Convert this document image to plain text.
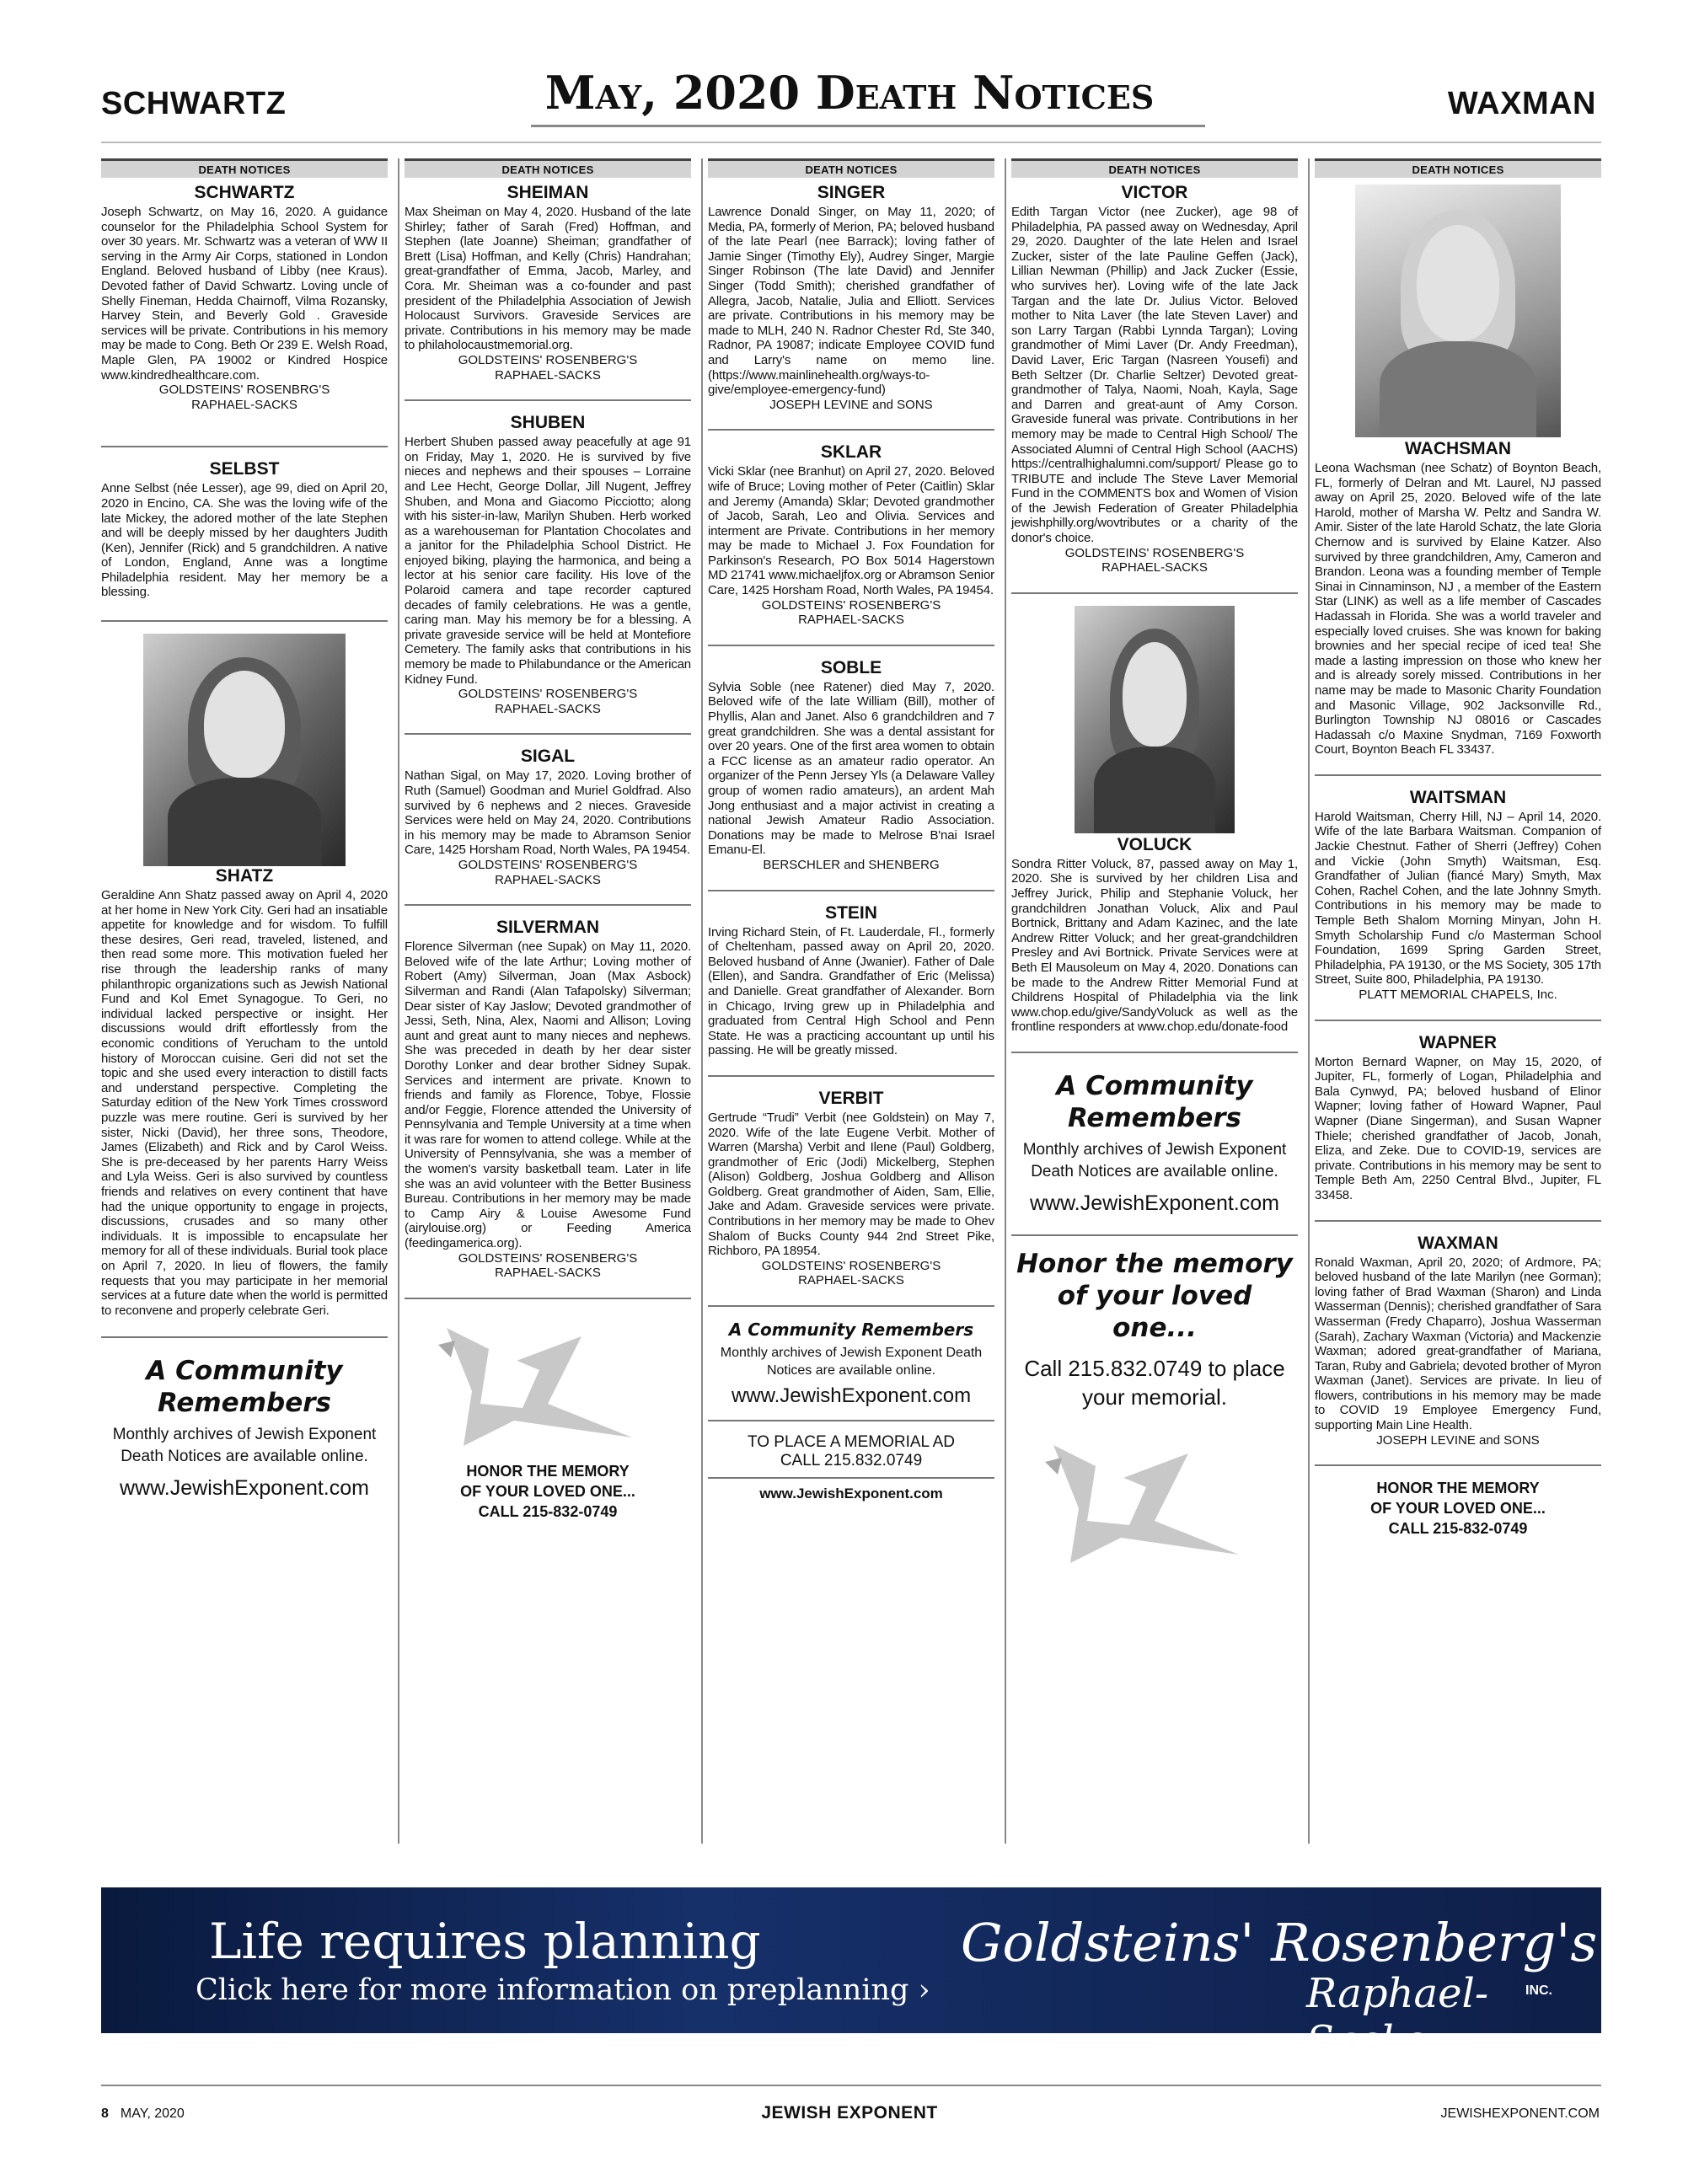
SCHWARTZ	May, 2020 Death Notices	WAXMAN
DEATH NOTICES
SCHWARTZ
Joseph Schwartz, on May 16, 2020. A guidance counselor for the Philadelphia School System for over 30 years. Mr. Schwartz was a veteran of WW II serving in the Army Air Corps, stationed in London England. Beloved husband of Libby (nee Kraus). Devoted father of David Schwartz. Loving uncle of Shelly Fineman, Hedda Chairnoff, Vilma Rozansky, Harvey Stein, and Beverly Gold . Graveside services will be private. Contributions in his memory may be made to Cong. Beth Or 239 E. Welsh Road, Maple Glen, PA 19002 or Kindred Hospice www.kindredhealthcare.com.
GOLDSTEINS' ROSENBRG'S
RAPHAEL-SACKS
SELBST
Anne Selbst (née Lesser), age 99, died on April 20, 2020 in Encino, CA. She was the loving wife of the late Mickey, the adored mother of the late Stephen and will be deeply missed by her daughters Judith (Ken), Jennifer (Rick) and 5 grandchildren. A native of London, England, Anne was a longtime Philadelphia resident. May her memory be a blessing.
SHATZ
Geraldine Ann Shatz passed away on April 4, 2020 at her home in New York City. Geri had an insatiable appetite for knowledge and for wisdom. To fulfill these desires, Geri read, traveled, listened, and then read some more. This motivation fueled her rise through the leadership ranks of many philanthropic organizations such as Jewish National Fund and Kol Emet Synagogue. To Geri, no individual lacked perspective or insight. Her discussions would drift effortlessly from the economic conditions of Yerucham to the untold history of Moroccan cuisine. Geri did not set the topic and she used every interaction to distill facts and understand perspective. Completing the Saturday edition of the New York Times crossword puzzle was mere routine. Geri is survived by her sister, Nicki (David), her three sons, Theodore, James (Elizabeth) and Rick and by Carol Weiss. She is pre-deceased by her parents Harry Weiss and Lyla Weiss. Geri is also survived by countless friends and relatives on every continent that have had the unique opportunity to engage in projects, discussions, crusades and so many other individuals. It is impossible to encapsulate her memory for all of these individuals. Burial took place on April 7, 2020. In lieu of flowers, the family requests that you may participate in her memorial services at a future date when the world is permitted to reconvene and properly celebrate Geri.
A Community Remembers
Monthly archives of Jewish Exponent Death Notices are available online.
www.JewishExponent.com
DEATH NOTICES
SHEIMAN
Max Sheiman on May 4, 2020. Husband of the late Shirley; father of Sarah (Fred) Hoffman, and Stephen (late Joanne) Sheiman; grandfather of Brett (Lisa) Hoffman, and Kelly (Chris) Handrahan; great-grandfather of Emma, Jacob, Marley, and Cora. Mr. Sheiman was a co-founder and past president of the Philadelphia Association of Jewish Holocaust Survivors. Graveside Services are private. Contributions in his memory may be made to philaholocaustmemorial.org.
GOLDSTEINS' ROSENBERG'S
RAPHAEL-SACKS
SHUBEN
Herbert Shuben passed away peacefully at age 91 on Friday, May 1, 2020. He is survived by five nieces and nephews and their spouses – Lorraine and Lee Hecht, George Dollar, Jill Nugent, Jeffrey Shuben, and Mona and Giacomo Picciotto; along with his sister-in-law, Marilyn Shuben. Herb worked as a warehouseman for Plantation Chocolates and a janitor for the Philadelphia School District. He enjoyed biking, playing the harmonica, and being a lector at his senior care facility. His love of the Polaroid camera and tape recorder captured decades of family celebrations. He was a gentle, caring man. May his memory be for a blessing. A private graveside service will be held at Montefiore Cemetery. The family asks that contributions in his memory be made to Philabundance or the American Kidney Fund.
GOLDSTEINS' ROSENBERG'S
RAPHAEL-SACKS
SIGAL
Nathan Sigal, on May 17, 2020. Loving brother of Ruth (Samuel) Goodman and Muriel Goldfrad. Also survived by 6 nephews and 2 nieces. Graveside Services were held on May 24, 2020. Contributions in his memory may be made to Abramson Senior Care, 1425 Horsham Road, North Wales, PA 19454.
GOLDSTEINS' ROSENBERG'S
RAPHAEL-SACKS
SILVERMAN
Florence Silverman (nee Supak) on May 11, 2020. Beloved wife of the late Arthur; Loving mother of Robert (Amy) Silverman, Joan (Max Asbock) Silverman and Randi (Alan Tafapolsky) Silverman; Dear sister of Kay Jaslow; Devoted grandmother of Jessi, Seth, Nina, Alex, Naomi and Allison; Loving aunt and great aunt to many nieces and nephews. She was preceded in death by her dear sister Dorothy Lonker and dear brother Sidney Supak. Services and interment are private. Known to friends and family as Florence, Tobye, Flossie and/or Feggie, Florence attended the University of Pennsylvania and Temple University at a time when it was rare for women to attend college. While at the University of Pennsylvania, she was a member of the women's varsity basketball team. Later in life she was an avid volunteer with the Better Business Bureau. Contributions in her memory may be made to Camp Airy & Louise Awesome Fund (airylouise.org) or Feeding America (feedingamerica.org).
GOLDSTEINS' ROSENBERG'S
RAPHAEL-SACKS
HONOR THE MEMORY
OF YOUR LOVED ONE...
CALL 215-832-0749
DEATH NOTICES
SINGER
Lawrence Donald Singer, on May 11, 2020; of Media, PA, formerly of Merion, PA; beloved husband of the late Pearl (nee Barrack); loving father of Jamie Singer (Timothy Ely), Audrey Singer, Margie Singer Robinson (The late David) and Jennifer Singer (Todd Smith); cherished grandfather of Allegra, Jacob, Natalie, Julia and Elliott. Services are private. Contributions in his memory may be made to MLH, 240 N. Radnor Chester Rd, Ste 340, Radnor, PA 19087; indicate Employee COVID fund and Larry's name on memo line. (https://www.mainlinehealth.org/ways-to-give/employee-emergency-fund)
JOSEPH LEVINE and SONS
SKLAR
Vicki Sklar (nee Branhut) on April 27, 2020. Beloved wife of Bruce; Loving mother of Peter (Caitlin) Sklar and Jeremy (Amanda) Sklar; Devoted grandmother of Jacob, Sarah, Leo and Olivia. Services and interment are Private. Contributions in her memory may be made to Michael J. Fox Foundation for Parkinson's Research, PO Box 5014 Hagerstown MD 21741 www.michaeljfox.org or Abramson Senior Care, 1425 Horsham Road, North Wales, PA 19454.
GOLDSTEINS' ROSENBERG'S
RAPHAEL-SACKS
SOBLE
Sylvia Soble (nee Ratener) died May 7, 2020. Beloved wife of the late William (Bill), mother of Phyllis, Alan and Janet. Also 6 grandchildren and 7 great grandchildren. She was a dental assistant for over 20 years. One of the first area women to obtain a FCC license as an amateur radio operator. An organizer of the Penn Jersey Yls (a Delaware Valley group of women radio amateurs), an ardent Mah Jong enthusiast and a major activist in creating a national Jewish Amateur Radio Association. Donations may be made to Melrose B'nai Israel Emanu-El.
BERSCHLER and SHENBERG
STEIN
Irving Richard Stein, of Ft. Lauderdale, Fl., formerly of Cheltenham, passed away on April 20, 2020. Beloved husband of Anne (Jwanier). Father of Dale (Ellen), and Sandra. Grandfather of Eric (Melissa) and Danielle. Great grandfather of Alexander. Born in Chicago, Irving grew up in Philadelphia and graduated from Central High School and Penn State. He was a practicing accountant up until his passing. He will be greatly missed.
VERBIT
Gertrude “Trudi” Verbit (nee Goldstein) on May 7, 2020. Wife of the late Eugene Verbit. Mother of Warren (Marsha) Verbit and Ilene (Paul) Goldberg, grandmother of Eric (Jodi) Mickelberg, Stephen (Alison) Goldberg, Joshua Goldberg and Allison Goldberg. Great grandmother of Aiden, Sam, Ellie, Jake and Adam. Graveside services were private. Contributions in her memory may be made to Ohev Shalom of Bucks County 944 2nd Street Pike, Richboro, PA 18954.
GOLDSTEINS' ROSENBERG'S
RAPHAEL-SACKS
A Community Remembers
Monthly archives of Jewish Exponent Death Notices are available online.
www.JewishExponent.com
TO PLACE A MEMORIAL AD
CALL 215.832.0749
www.JewishExponent.com
DEATH NOTICES
VICTOR
Edith Targan Victor (nee Zucker), age 98 of Philadelphia, PA passed away on Wednesday, April 29, 2020. Daughter of the late Helen and Israel Zucker, sister of the late Pauline Geffen (Jack), Lillian Newman (Phillip) and Jack Zucker (Essie, who survives her). Loving wife of the late Jack Targan and the late Dr. Julius Victor. Beloved mother to Nita Laver (the late Steven Laver) and son Larry Targan (Rabbi Lynnda Targan); Loving grandmother of Mimi Laver (Dr. Andy Freedman), David Laver, Eric Targan (Nasreen Yousefi) and Beth Seltzer (Dr. Charlie Seltzer) Devoted great-grandmother of Talya, Naomi, Noah, Kayla, Sage and Darren and great-aunt of Amy Corson. Graveside funeral was private. Contributions in her memory may be made to Central High School/ The Associated Alumni of Central High School (AACHS) https://centralhighalumni.com/support/ Please go to TRIBUTE and include The Steve Laver Memorial Fund in the COMMENTS box and Women of Vision of the Jewish Federation of Greater Philadelphia jewishphilly.org/wovtributes or a charity of the donor's choice.
GOLDSTEINS' ROSENBERG'S
RAPHAEL-SACKS
VOLUCK
Sondra Ritter Voluck, 87, passed away on May 1, 2020. She is survived by her children Lisa and Jeffrey Jurick, Philip and Stephanie Voluck, her grandchildren Jonathan Voluck, Alix and Paul Bortnick, Brittany and Adam Kazinec, and the late Andrew Ritter Voluck; and her great-grandchildren Presley and Avi Bortnick. Private Services were at Beth El Mausoleum on May 4, 2020. Donations can be made to the Andrew Ritter Memorial Fund at Childrens Hospital of Philadelphia via the link www.chop.edu/give/SandyVoluck as well as the frontline responders at www.chop.edu/donate-food
A Community Remembers
Monthly archives of Jewish Exponent Death Notices are available online.
www.JewishExponent.com
Honor the memory of your loved one...
Call 215.832.0749 to place your memorial.
DEATH NOTICES
WACHSMAN
Leona Wachsman (nee Schatz) of Boynton Beach, FL, formerly of Delran and Mt. Laurel, NJ passed away on April 25, 2020. Beloved wife of the late Harold, mother of Marsha W. Peltz and Sandra W. Amir. Sister of the late Harold Schatz, the late Gloria Chernow and is survived by Elaine Katzer. Also survived by three grandchildren, Amy, Cameron and Brandon. Leona was a founding member of Temple Sinai in Cinnaminson, NJ , a member of the Eastern Star (LINK) as well as a life member of Cascades Hadassah in Florida. She was a world traveler and especially loved cruises. She was known for baking brownies and her special recipe of iced tea! She made a lasting impression on those who knew her and is already sorely missed. Contributions in her name may be made to Masonic Charity Foundation and Masonic Village, 902 Jacksonville Rd., Burlington Township NJ 08016 or Cascades Hadassah c/o Maxine Snydman, 7169 Foxworth Court, Boynton Beach FL 33437.
WAITSMAN
Harold Waitsman, Cherry Hill, NJ – April 14, 2020. Wife of the late Barbara Waitsman. Companion of Jackie Chestnut. Father of Sherri (Jeffrey) Cohen and Vickie (John Smyth) Waitsman, Esq. Grandfather of Julian (fiancé Mary) Smyth, Max Cohen, Rachel Cohen, and the late Johnny Smyth. Contributions in his memory may be made to Temple Beth Shalom Morning Minyan, John H. Smyth Scholarship Fund c/o Masterman School Foundation, 1699 Spring Garden Street, Philadelphia, PA 19130, or the MS Society, 305 17th Street, Suite 800, Philadelphia, PA 19130.
PLATT MEMORIAL CHAPELS, Inc.
WAPNER
Morton Bernard Wapner, on May 15, 2020, of Jupiter, FL, formerly of Logan, Philadelphia and Bala Cynwyd, PA; beloved husband of Elinor Wapner; loving father of Howard Wapner, Paul Wapner (Diane Singerman), and Susan Wapner Thiele; cherished grandfather of Jacob, Jonah, Eliza, and Zeke. Due to COVID-19, services are private. Contributions in his memory may be sent to Temple Beth Am, 2250 Central Blvd., Jupiter, FL 33458.
WAXMAN
Ronald Waxman, April 20, 2020; of Ardmore, PA; beloved husband of the late Marilyn (nee Gorman); loving father of Brad Waxman (Sharon) and Linda Wasserman (Dennis); cherished grandfather of Sara Wasserman (Fredy Chaparro), Joshua Wasserman (Sarah), Zachary Waxman (Victoria) and Mackenzie Waxman; adored great-grandfather of Mariana, Taran, Ruby and Gabriela; devoted brother of Myron Waxman (Janet). Services are private. In lieu of flowers, contributions in his memory may be made to COVID 19 Employee Emergency Fund, supporting Main Line Health.
JOSEPH LEVINE and SONS
HONOR THE MEMORY
OF YOUR LOVED ONE...
CALL 215-832-0749
Life requires planning
Click here for more information on preplanning ›
Goldsteins' Rosenberg's
Raphael-Sacks
INC.
8 MAY, 2020	JEWISH EXPONENT	JEWISHEXPONENT.COM
